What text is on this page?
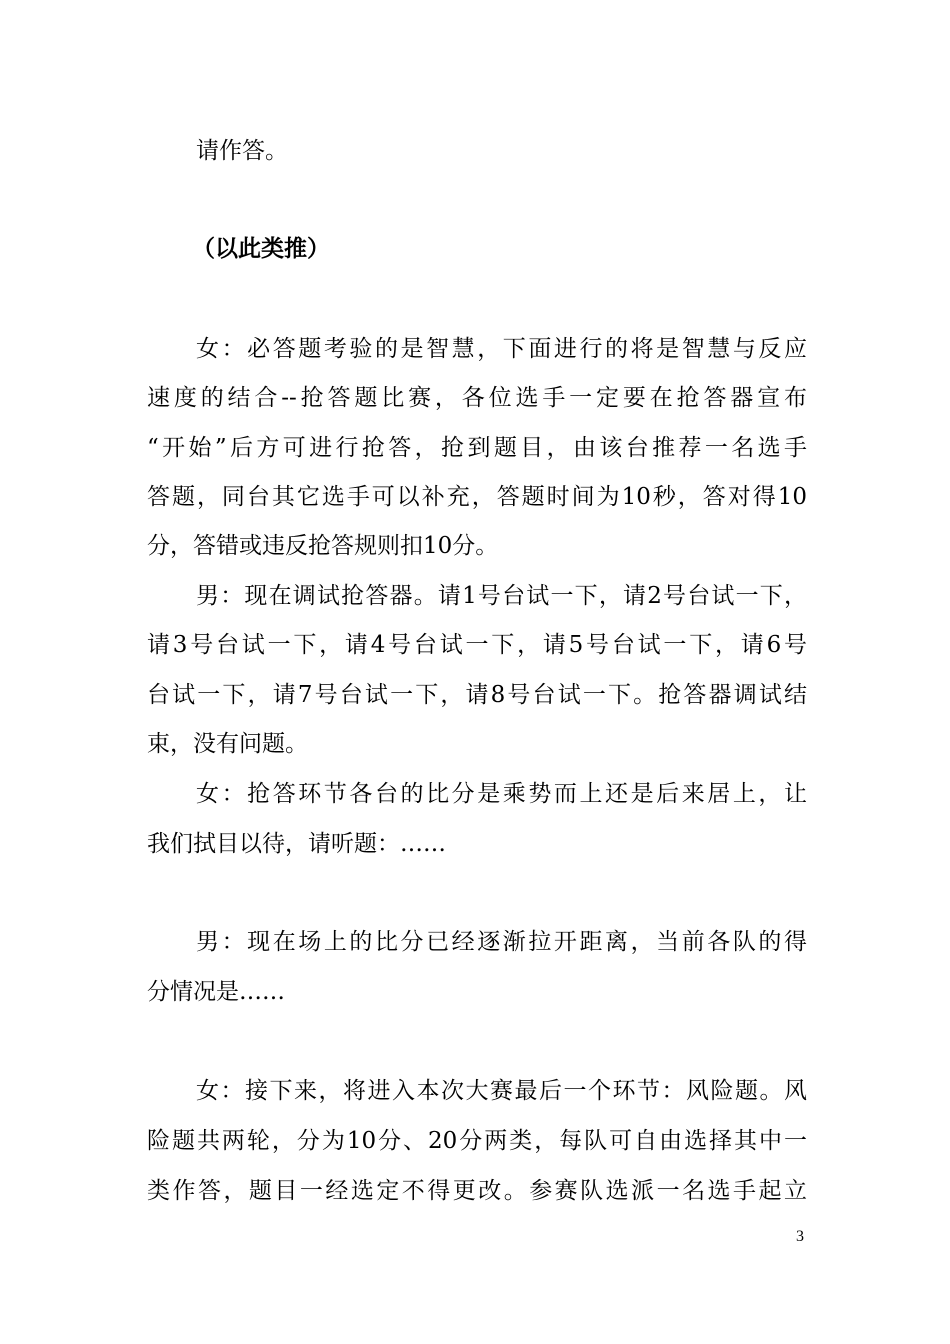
请作答。
（以此类推）
女：必答题考验的是智慧，下面进行的将是智慧与反应
速度的结合--抢答题比赛，各位选手一定要在抢答器宣布
“开始”后方可进行抢答，抢到题目，由该台推荐一名选手
答题，同台其它选手可以补充，答题时间为10秒，答对得10
分，答错或违反抢答规则扣10分。
男：现在调试抢答器。请1号台试一下，请2号台试一下，
请3号台试一下，请4号台试一下，请5号台试一下，请6号
台试一下，请7号台试一下，请8号台试一下。抢答器调试结
束，没有问题。
女：抢答环节各台的比分是乘势而上还是后来居上，让
我们拭目以待，请听题：……
男：现在场上的比分已经逐渐拉开距离，当前各队的得
分情况是……
女：接下来，将进入本次大赛最后一个环节：风险题。风
险题共两轮，分为10分、20分两类，每队可自由选择其中一
类作答，题目一经选定不得更改。参赛队选派一名选手起立
3
